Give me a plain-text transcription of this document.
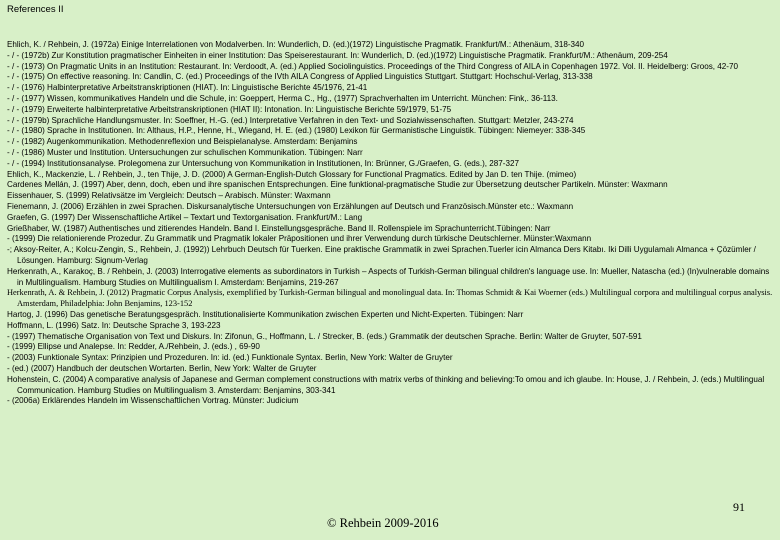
References II
Ehlich, K. / Rehbein, J. (1972a) Einige Interrelationen von Modalverben. In: Wunderlich, D. (ed.)(1972) Linguistische Pragmatik. Frankfurt/M.: Athenäum, 318-340
- / - (1972b) Zur Konstitution pragmatischer Einheiten in einer Institution: Das Speiserestaurant. In: Wunderlich, D. (ed.)(1972) Linguistische Pragmatik. Frankfurt/M.: Athenäum, 209-254
- / - (1973) On Pragmatic Units in an Institution: Restaurant. In: Verdoodt, A. (ed.) Applied Sociolinguistics. Proceedings of the Third Congress of AILA in Copenhagen 1972. Vol. II. Heidelberg: Groos, 42-70
- / - (1975) On effective reasoning. In: Candlin, C. (ed.) Proceedings of the IVth AILA Congress of Applied Linguistics Stuttgart. Stuttgart: Hochschul-Verlag, 313-338
- / - (1976) Halbinterpretative Arbeitstranskriptionen (HIAT). In: Linguistische Berichte 45/1976, 21-41
- / - (1977) Wissen, kommunikatives Handeln und die Schule, in: Goeppert, Herma C., Hg., (1977) Sprachverhalten im Unterricht. München: Fink,. 36-113.
- / - (1979) Erweiterte halbinterpretative Arbeitstranskriptionen (HIAT II): Intonation. In: Linguistische Berichte 59/1979, 51-75
- / - (1979b) Sprachliche Handlungsmuster. In: Soeffner, H.-G. (ed.) Interpretative Verfahren in den Text- und Sozialwissenschaften. Stuttgart: Metzler, 243-274
- / - (1980) Sprache in Institutionen. In: Althaus, H.P., Henne, H., Wiegand, H. E. (ed.) (1980) Lexikon für Germanistische Linguistik. Tübingen: Niemeyer: 338-345
- / - (1982) Augenkommunikation. Methodenreflexion und Beispielanalyse. Amsterdam: Benjamins
- / - (1986) Muster und Institution. Untersuchungen zur schulischen Kommunikation. Tübingen: Narr
- / - (1994) Institutionsanalyse. Prolegomena zur Untersuchung von Kommunikation in Institutionen, In: Brünner, G./Graefen, G. (eds.), 287-327
Ehlich, K., Mackenzie, L. / Rehbein, J., ten Thije, J. D. (2000) A German-English-Dutch Glossary for Functional Pragmatics. Edited by Jan D. ten Thije. (mimeo)
Cardenes Mellán, J. (1997) Aber, denn, doch, eben und ihre spanischen Entsprechungen. Eine funktional-pragmatische Studie zur Übersetzung deutscher Partikeln. Münster: Waxmann
Eissenhauer, S. (1999) Relativsätze im Vergleich: Deutsch – Arabisch. Münster: Waxmann
Fienemann, J. (2006) Erzählen in zwei Sprachen. Diskursanalytische Untersuchungen von Erzählungen auf Deutsch und Französisch.Münster etc.: Waxmann
Graefen, G. (1997) Der Wissenschaftliche Artikel – Textart und Textorganisation. Frankfurt/M.: Lang
Grießhaber, W. (1987) Authentisches und zitierendes Handeln. Band I. Einstellungsgespräche. Band II. Rollenspiele im Sprachunterricht.Tübingen: Narr
- (1999) Die relationierende Prozedur. Zu Grammatik und Pragmatik lokaler Präpositionen und ihrer Verwendung durch türkische Deutschlerner. Münster:Waxmann
-; Aksoy-Reiter, A.; Kolcu-Zengin, S., Rehbein, J. (1992)) Lehrbuch Deutsch für Tuerken. Eine praktische Grammatik in zwei Sprachen.Tuerler icin Almanca Ders Kitabı. Iki Dilli Uygulamalı Almanca + Çözümler / Lösungen. Hamburg: Signum-Verlag
Herkenrath, A., Karakoç, B. / Rehbein, J. (2003) Interrogative elements as subordinators in Turkish – Aspects of Turkish-German bilingual children's language use. In: Mueller, Natascha (ed.) (In)vulnerable domains in Multilingualism. Hamburg Studies on Multilingualism I. Amsterdam: Benjamins, 219-267
Herkenrath, A. & Rehbein, J. (2012) Pragmatic Corpus Analysis, exemplified by Turkish-German bilingual and monolingual data. In: Thomas Schmidt & Kai Woerner (eds.) Multilingual corpora and multilingual corpus analysis. Amsterdam, Philadelphia: John Benjamins, 123-152
Hartog, J. (1996) Das genetische Beratungsgespräch. Institutionalisierte Kommunikation zwischen Experten und Nicht-Experten. Tübingen: Narr
Hoffmann, L. (1996) Satz. In: Deutsche Sprache 3, 193-223
- (1997) Thematische Organisation von Text und Diskurs. In: Zifonun, G., Hoffmann, L. / Strecker, B. (eds.) Grammatik der deutschen Sprache. Berlin: Walter de Gruyter, 507-591
- (1999) Ellipse und Analepse. In: Redder, A./Rehbein, J. (eds.) , 69-90
- (2003) Funktionale Syntax: Prinzipien und Prozeduren. In: id. (ed.) Funktionale Syntax. Berlin, New York: Walter de Gruyter
- (ed.) (2007) Handbuch der deutschen Wortarten. Berlin, New York: Walter de Gruyter
Hohenstein, C. (2004) A comparative analysis of Japanese and German complement constructions with matrix verbs of thinking and believing:To omou and ich glaube. In: House, J. / Rehbein, J. (eds.) Multilingual Communication. Hamburg Studies on Multilingualism 3. Amsterdam: Benjamins, 303-341
- (2006a) Erklärendes Handeln im Wissenschaftlichen Vortrag. Münster: Judicium
91
© Rehbein 2009-2016
